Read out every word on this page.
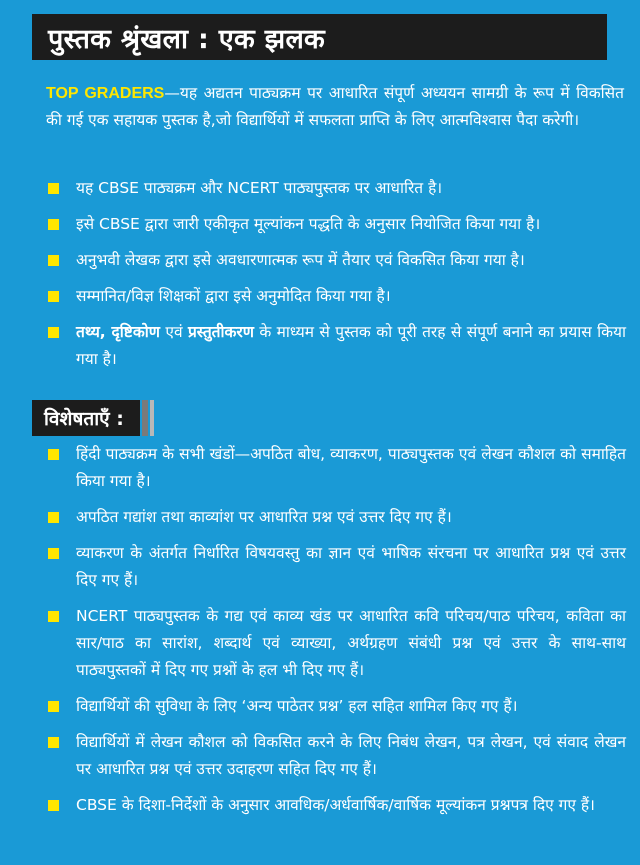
पुस्तक श्रृंखला : एक झलक

TOP GRADERS—यह अद्यतन पाठ्यक्रम पर आधारित संपूर्ण अध्ययन सामग्री के रूप में विकसित की गई एक सहायक पुस्तक है,जो विद्यार्थियों में सफलता प्राप्ति के लिए आत्मविश्वास पैदा करेगी।

यह CBSE पाठ्यक्रम और NCERT पाठ्यपुस्तक पर आधारित है।
इसे CBSE द्वारा जारी एकीकृत मूल्यांकन पद्धति के अनुसार नियोजित किया गया है।
अनुभवी लेखक द्वारा इसे अवधारणात्मक रूप में तैयार एवं विकसित किया गया है।
सम्मानित/विज्ञ शिक्षकों द्वारा इसे अनुमोदित किया गया है।
तथ्य, दृष्टिकोण एवं प्रस्तुतीकरण के माध्यम से पुस्तक को पूरी तरह से संपूर्ण बनाने का प्रयास किया गया है।
विशेषताएँ :
हिंदी पाठ्यक्रम के सभी खंडों—अपठित बोध, व्याकरण, पाठ्यपुस्तक एवं लेखन कौशल को समाहित किया गया है।
अपठित गद्यांश तथा काव्यांश पर आधारित प्रश्न एवं उत्तर दिए गए हैं।
व्याकरण के अंतर्गत निर्धारित विषयवस्तु का ज्ञान एवं भाषिक संरचना पर आधारित प्रश्न एवं उत्तर दिए गए हैं।
NCERT पाठ्यपुस्तक के गद्य एवं काव्य खंड पर आधारित कवि परिचय/पाठ परिचय, कविता का सार/पाठ का सारांश, शब्दार्थ एवं व्याख्या, अर्थग्रहण संबंधी प्रश्न एवं उत्तर के साथ-साथ पाठ्यपुस्तकों में दिए गए प्रश्नों के हल भी दिए गए हैं।
विद्यार्थियों की सुविधा के लिए ‘अन्य पाठेतर प्रश्न’ हल सहित शामिल किए गए हैं।
विद्यार्थियों में लेखन कौशल को विकसित करने के लिए निबंध लेखन, पत्र लेखन, एवं संवाद लेखन पर आधारित प्रश्न एवं उत्तर उदाहरण सहित दिए गए हैं।
CBSE के दिशा-निर्देशों के अनुसार आवधिक/अर्धवार्षिक/वार्षिक मूल्यांकन प्रश्नपत्र दिए गए हैं।
